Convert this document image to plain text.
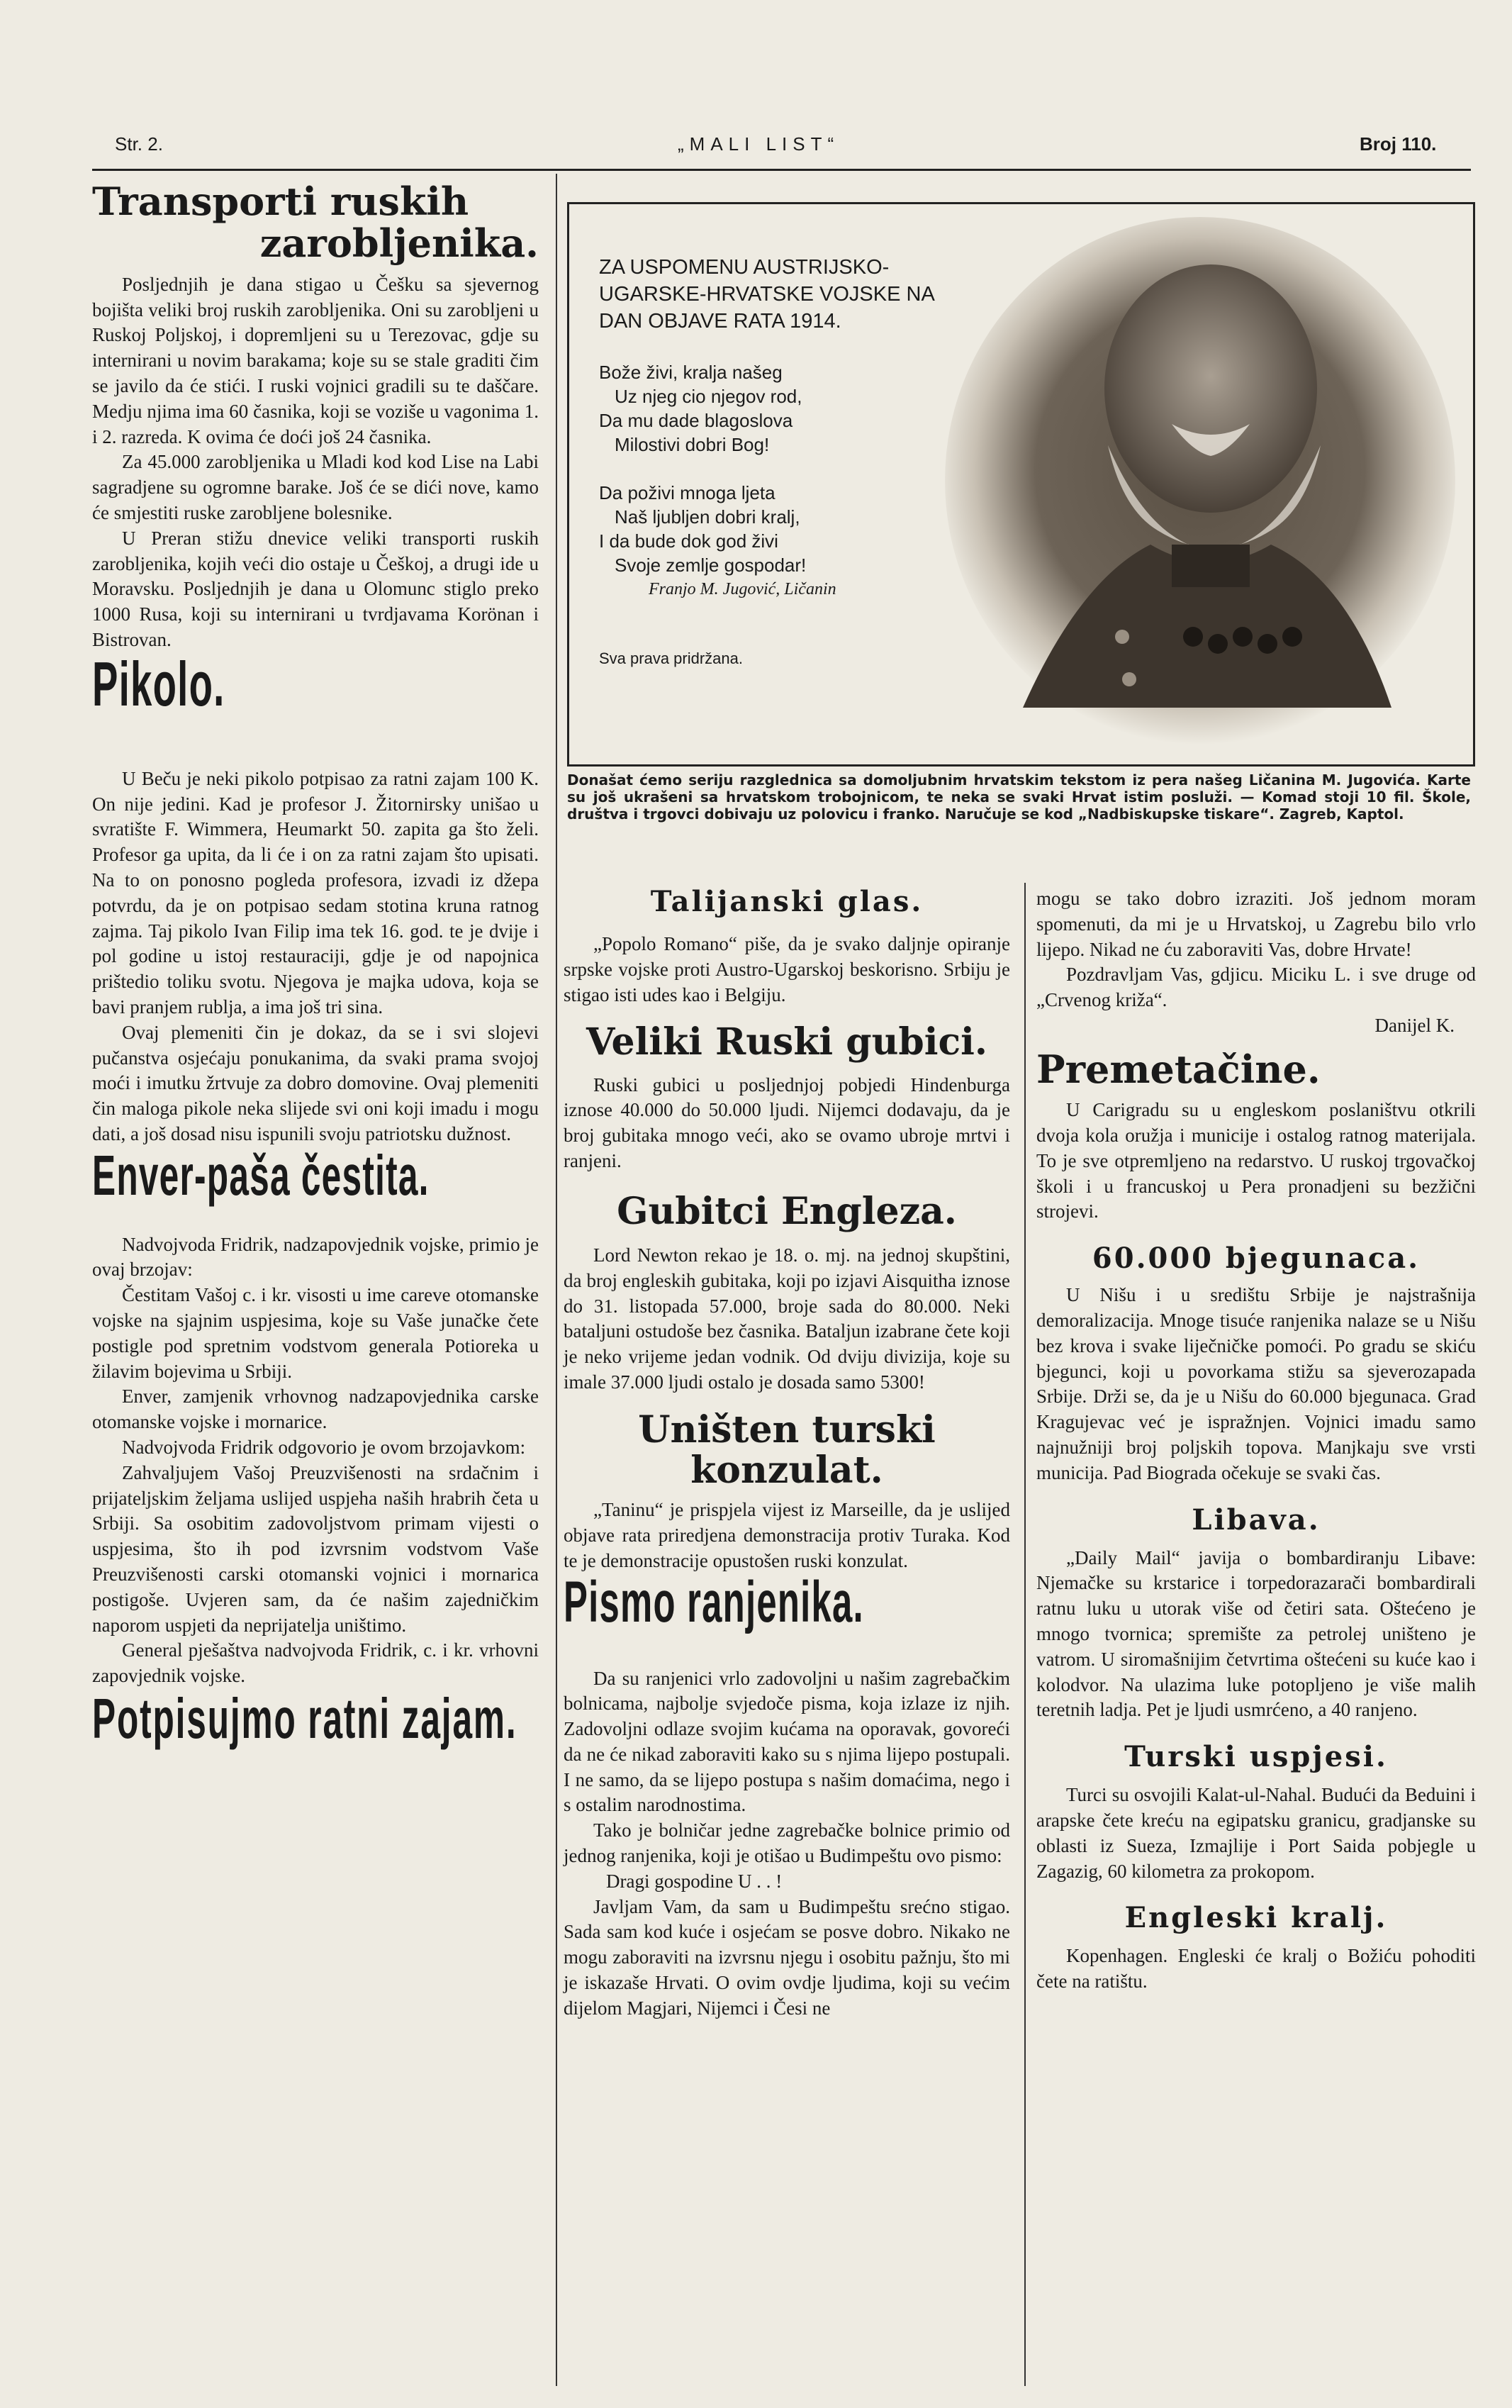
Str. 2.	„MALI LIST“	Broj 110.
Transporti ruskih
zarobljenika.

Posljednjih je dana stigao u Češku sa sjevernog bojišta veliki broj ruskih zarobljenika. Oni su zarobljeni u Ruskoj Poljskoj, i dopremljeni su u Terezovac, gdje su internirani u novim barakama; koje su se stale graditi čim se javilo da će stići. I ruski vojnici gradili su te daščare. Medju njima ima 60 časnika, koji se voziše u vagonima 1. i 2. razreda. K ovima će doći još 24 časnika.

Za 45.000 zarobljenika u Mladi kod kod Lise na Labi sagradjene su ogromne barake. Još će se dići nove, kamo će smjestiti ruske zarobljene bolesnike.

U Preran stižu dnevice veliki transporti ruskih zarobljenika, kojih veći dio ostaje u Češkoj, a drugi ide u Moravsku. Posljednjih je dana u Olomunc stiglo preko 1000 Rusa, koji su internirani u tvrdjavama Korönan i Bistrovan.

Pikolo.

U Beču je neki pikolo potpisao za ratni zajam 100 K. On nije jedini. Kad je profesor J. Žitornirsky unišao u svratište F. Wimmera, Heumarkt 50. zapita ga što želi. Profesor ga upita, da li će i on za ratni zajam što upisati. Na to on ponosno pogleda profesora, izvadi iz džepa potvrdu, da je on potpisao sedam stotina kruna ratnog zajma. Taj pikolo Ivan Filip ima tek 16. god. te je dvije i pol godine u istoj restauraciji, gdje je od napojnica prištedio toliku svotu. Njegova je majka udova, koja se bavi pranjem rublja, a ima još tri sina.

Ovaj plemeniti čin je dokaz, da se i svi slojevi pučanstva osjećaju ponukanima, da svaki prama svojoj moći i imutku žrtvuje za dobro domovine. Ovaj plemeniti čin maloga pikole nekа slijede svi oni koji imadu i mogu dati, a još dosad nisu ispunili svoju patriotsku dužnost.

Enver-paša čestita.

Nadvojvoda Fridrik, nadzapovjednik vojske, primio je ovaj brzojav:

Čestitam Vašoj c. i kr. visosti u ime careve otomanske vojske na sjajnim uspjesima, koje su Vaše junačke čete postigle pod spretnim vodstvom generala Potioreka u žilavim bojevima u Srbiji.

Enver, zamjenik vrhovnog nadzapovjednika carske otomanske vojske i mornarice.

Nadvojvoda Fridrik odgovorio je ovom brzojavkom:

Zahvaljujem Vašoj Preuzvišenosti na srdačnim i prijateljskim željama uslijed uspjeha naših hrabrih četa u Srbiji. Sa osobitim zadovoljstvom primam vijesti o uspjesima, što ih pod izvrsnim vodstvom Vaše Preuzvišenosti carski otomanski vojnici i mornarica postigoše. Uvjeren sam, da će našim zajedničkim naporom uspjeti da neprijatelja uništimo.

General pješaštva nadvojvoda Fridrik, c. i kr. vrhovni zapovjednik vojske.

Potpisujmo ratni zajam.

ZA USPOMENU AUSTRIJSKO-UGARSKE-HRVATSKE VOJSKE NA DAN OBJAVE RATA 1914.

Bože živi, kralja našeg

Uz njeg cio njegov rod,

Da mu dade blagoslova

Milostivi dobri Bog!

Da poživi mnoga ljeta

Naš ljubljen dobri kralj,

I da bude dok god živi

Svoje zemlje gospodar!

Franjo M. Jugović, Ličanin

Sva prava pridržana.

Donašat ćemo seriju razglednica sa domoljubnim hrvatskim tekstom iz pera našeg Ličanina M. Jugovića. Karte su još ukrašeni sa hrvatskom trobojnicom, te neka se svaki Hrvat istim posluži. — Komad stoji 10 fil. Škole, društva i trgovci dobivaju uz polovicu i franko. Naručuje se kod „Nadbiskupske tiskare“. Zagreb, Kaptol.
Talijanski glas.

„Popolo Romano“ piše, da je svako daljnje opiranje srpske vojske proti Austro-Ugarskoj beskorisno. Srbiju je stigao isti udes kao i Belgiju.

Veliki Ruski gubici.

Ruski gubici u posljednjoj pobjedi Hindenburga iznose 40.000 do 50.000 ljudi. Nijemci dodavaju, da je broj gubitaka mnogo veći, ako se ovamo ubroje mrtvi i ranjeni.

Gubitci Engleza.

Lord Newton rekao je 18. o. mj. na jednoj skupštini, da broj engleskih gubitaka, koji po izjavi Aisquitha iznose do 31. listopada 57.000, broje sada do 80.000. Neki bataljuni ostudoše bez časnika. Bataljun izabrane čete koji je neko vrijeme jedan vodnik. Od dviju divizija, koje su imale 37.000 ljudi ostalo je dosada samo 5300!

Uništen turski konzulat.

„Taninu“ je prispjela vijest iz Marseille, da je uslijed objave rata priredjena demonstracija protiv Turaka. Kod te je demonstracije opustošen ruski konzulat.

Pismo ranjenika.

Da su ranjenici vrlo zadovoljni u našim zagrebačkim bolnicama, najbolje svjedoče pisma, koja izlaze iz njih. Zadovoljni odlaze svojim kućama na oporavak, govoreći da ne će nikad zaboraviti kako su s njima lijepo postupali. I ne samo, da se lijepo postupa s našim domaćima, nego i s ostalim narodnostima.

Tako je bolničar jedne zagrebačke bolnice primio od jednog ranjenika, koji je otišao u Budimpeštu ovo pismo:

Dragi gospodine U . . !

Javljam Vam, da sam u Budimpeštu srećno stigao. Sada sam kod kuće i osjećam se posve dobro. Nikako ne mogu zaboraviti na izvrsnu njegu i osobitu pažnju, što mi je iskazaše Hrvati. O ovim ovdje ljudima, koji su većim dijelom Magjari, Nijemci i Česi ne

mogu se tako dobro izraziti. Još jednom moram spomenuti, da mi je u Hrvatskoj, u Zagrebu bilo vrlo lijepo. Nikad ne ću zaboraviti Vas, dobre Hrvate!

Pozdravljam Vas, gdjicu. Miciku L. i sve druge od „Crvenog križa“.

Danijel K.

Premetačine.

U Carigradu su u engleskom poslanіštvu otkrili dvoja kola oružja i municije i ostalog ratnog materijala. To je sve otpremljeno na redarstvo. U ruskoj trgovačkoj školi i u francuskoj u Pera pronadjeni su bezžični strojevi.

60.000 bjegunaca.

U Nišu i u središtu Srbije je najstrašnija demoralizacija. Mnoge tisuće ranjenika nalaze se u Nišu bez krova i svake liječničke pomoći. Po gradu se skiću bjegunci, koji u povorkama stižu sa sjeverozapada Srbije. Drži se, da je u Nišu do 60.000 bjegunaca. Grad Kragujevac već je ispražnjen. Vojnici imadu samo najnužniji broj poljskih topova. Manjkaju sve vrsti municija. Pad Biograda očekuje se svaki čas.

Libava.

„Daily Mail“ javija o bombardiranju Libave: Njemačke su krstarice i torpedorazarači bombardirali ratnu luku u utorak više od četiri sata. Oštećeno je mnogo tvornica; spremište za petrolej uništeno je vatrom. U siromašnijim četvrtima oštećeni su kuće kao i kolodvor. Na ulazima luke potopljeno je više malih teretnih ladja. Pet je ljudi usmrćeno, a 40 ranjeno.

Turski uspjesi.

Turci su osvojili Kalat-ul-Nahal. Budući da Beduini i arapske čete kreću na egipatsku granicu, gradjanske su oblasti iz Sueza, Izmajlije i Port Saida pobjegle u Zagazig, 60 kilometra za prokopom.

Engleski kralj.

Kopenhagen. Engleski će kralj o Božiću pohoditi čete na ratištu.
